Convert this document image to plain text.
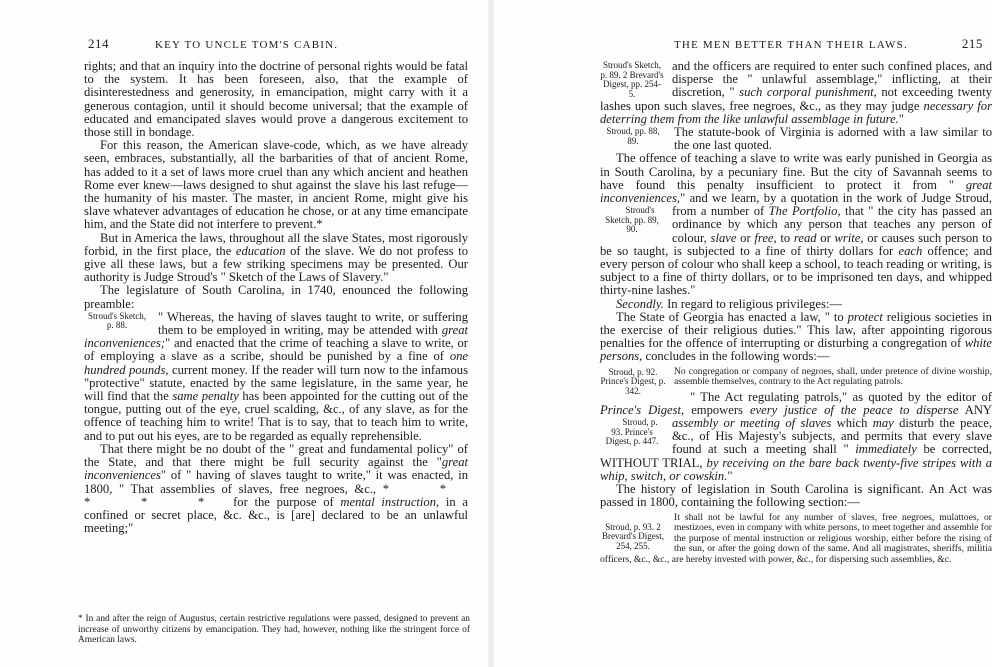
214	KEY TO UNCLE TOM'S CABIN.

rights; and that an inquiry into the doctrine of personal rights would be fatal to the system. It has been foreseen, also, that the example of disinterestedness and generosity, in emancipation, might carry with it a generous contagion, until it should become universal; that the example of educated and emancipated slaves would prove a dangerous excitement to those still in bondage.

For this reason, the American slave-code, which, as we have already seen, embraces, substantially, all the barbarities of that of ancient Rome, has added to it a set of laws more cruel than any which ancient and heathen Rome ever knew—laws designed to shut against the slave his last refuge—the humanity of his master. The master, in ancient Rome, might give his slave whatever advantages of education he chose, or at any time emancipate him, and the State did not interfere to prevent.*

But in America the laws, throughout all the slave States, most rigorously forbid, in the first place, the education of the slave. We do not profess to give all these laws, but a few striking specimens may be presented. Our authority is Judge Stroud's " Sketch of the Laws of Slavery."

The legislature of South Carolina, in 1740, enounced the following preamble:

Stroud's Sketch, p. 88.
" Whereas, the having of slaves taught to write, or suffering them to be employed in writing, may be attended with great inconveniences;" and enacted that the crime of teaching a slave to write, or of employing a slave as a scribe, should be punished by a fine of one hundred pounds, current money. If the reader will turn now to the infamous "protective" statute, enacted by the same legislature, in the same year, he will find that the same penalty has been appointed for the cutting out of the tongue, putting out of the eye, cruel scalding, &c., of any slave, as for the offence of teaching him to write! That is to say, that to teach him to write, and to put out his eyes, are to be regarded as equally reprehensible.

That there might be no doubt of the " great and fundamental policy" of the State, and that there might be full security against the "great inconveniences" of " having of slaves taught to write," it was enacted, in 1800, " That assemblies of slaves, free negroes, &c., * * * * * for the purpose of mental instruction, in a confined or secret place, &c. &c., is [are] declared to be an unlawful meeting;"

* In and after the reign of Augustus, certain restrictive regulations were passed, designed to prevent an increase of unworthy citizens by emancipation. They had, however, nothing like the stringent force of American laws.
THE MEN BETTER THAN THEIR LAWS.	215

Stroud's Sketch, p. 89. 2 Brevard's Digest, pp. 254-5.
and the officers are required to enter such confined places, and disperse the " unlawful assemblage," inflicting, at their discretion, " such corporal punishment, not exceeding twenty lashes upon such slaves, free negroes, &c., as they may judge necessary for deterring them from the like unlawful assemblage in future."

Stroud, pp. 88, 89.
The statute-book of Virginia is adorned with a law similar to the one last quoted.

The offence of teaching a slave to write was early punished in Georgia as in South Carolina, by a pecuniary fine. But the city of Savannah seems to have found this penalty insufficient to protect it from " great inconveniences," and we learn, by a quotation in the work of Judge Stroud, from a number of The Portfolio,
Stroud's Sketch, pp. 89, 90.
that " the city has passed an ordinance by which any person that teaches any person of colour, slave or free, to read or write, or causes such person to be so taught, is subjected to a fine of thirty dollars for each offence; and every person of colour who shall keep a school, to teach reading or writing, is subject to a fine of thirty dollars, or to be imprisoned ten days, and whipped thirty-nine lashes."

Secondly. In regard to religious privileges:—

The State of Georgia has enacted a law, " to protect religious societies in the exercise of their religious duties." This law, after appointing rigorous penalties for the offence of interrupting or disturbing a congregation of white persons, concludes in the following words:—

Stroud, p. 92. Prince's Digest, p. 342.
No congregation or company of negroes, shall, under pretence of divine worship, assemble themselves, contrary to the Act regulating patrols.

" The Act regulating patrols," as quoted by the editor of Prince's Digest, empowers every justice of the peace to disperse
Stroud, p. 93. Prince's Digest, p. 447.
ANY assembly or meeting of slaves which may disturb the peace, &c., of His Majesty's subjects, and permits that every slave found at such a meeting shall " immediately be corrected, WITHOUT TRIAL, by receiving on the bare back twenty-five stripes with a whip, switch, or cowskin."

The history of legislation in South Carolina is significant. An Act was passed in 1800, containing the following section:—

Stroud, p. 93. 2 Brevard's Digest, 254, 255.
It shall not be lawful for any number of slaves, free negroes, mulattoes, or mestizoes, even in company with white persons, to meet together and assemble for the purpose of mental instruction or religious worship, either before the rising of the sun, or after the going down of the same. And all magistrates, sheriffs, militia officers, &c., &c., are hereby invested with power, &c., for dispersing such assemblies, &c.
